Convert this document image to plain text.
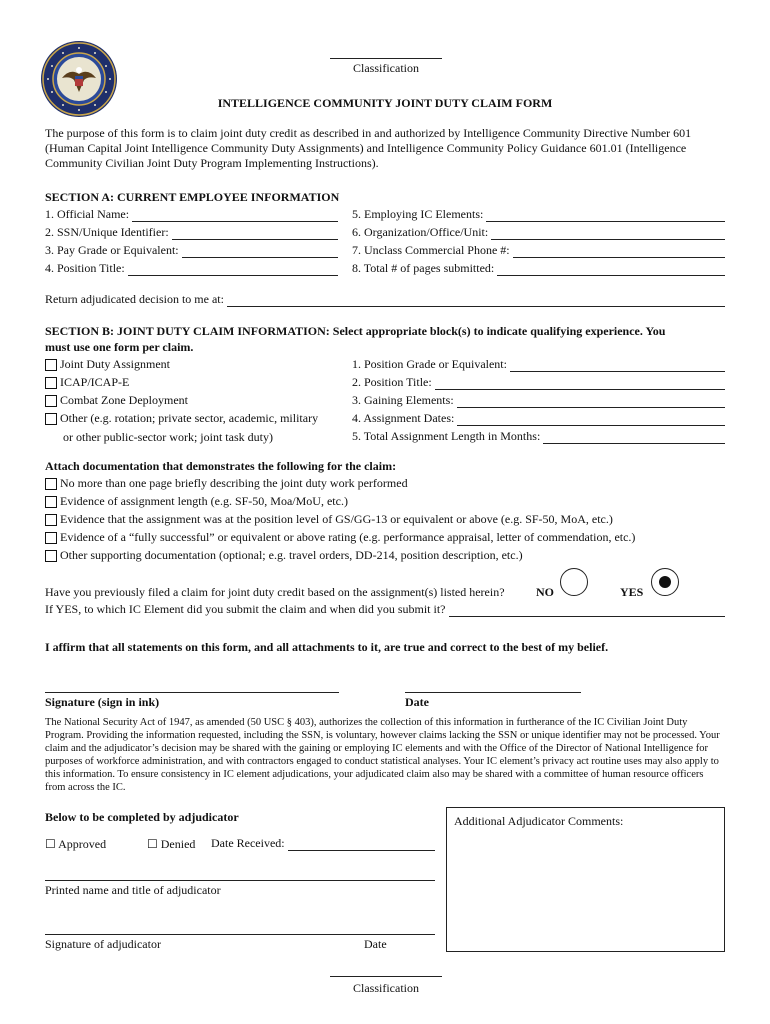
Classification
INTELLIGENCE COMMUNITY JOINT DUTY CLAIM FORM

The purpose of this form is to claim joint duty credit as described in and authorized by Intelligence Community Directive Number 601 (Human Capital Joint Intelligence Community Duty Assignments) and Intelligence Community Policy Guidance 601.01 (Intelligence Community Civilian Joint Duty Program Implementing Instructions).

SECTION A: CURRENT EMPLOYEE INFORMATION
1. Official Name:
2. SSN/Unique Identifier:
3. Pay Grade or Equivalent:
4. Position Title:
5. Employing IC Elements:
6. Organization/Office/Unit:
7. Unclass Commercial Phone #:
8. Total # of pages submitted:
Return adjudicated decision to me at:
SECTION B: JOINT DUTY CLAIM INFORMATION: Select appropriate block(s) to indicate qualifying experience. You
must use one form per claim.
Joint Duty Assignment
ICAP/ICAP-E
Combat Zone Deployment
Other (e.g. rotation; private sector, academic, military
or other public-sector work; joint task duty)
1. Position Grade or Equivalent:
2. Position Title:
3. Gaining Elements:
4. Assignment Dates:
5. Total Assignment Length in Months:
Attach documentation that demonstrates the following for the claim:
No more than one page briefly describing the joint duty work performed
Evidence of assignment length (e.g. SF-50, Moa/MoU, etc.)
Evidence that the assignment was at the position level of GS/GG-13 or equivalent or above (e.g. SF-50, MoA, etc.)
Evidence of a “fully successful” or equivalent or above rating (e.g. performance appraisal, letter of commendation, etc.)
Other supporting documentation (optional; e.g. travel orders, DD-214, position description, etc.)
Have you previously filed a claim for joint duty credit based on the assignment(s) listed herein?	NO	YES
If YES, to which IC Element did you submit the claim and when did you submit it?
I affirm that all statements on this form, and all attachments to it, are true and correct to the best of my belief.
Signature (sign in ink)	Date

The National Security Act of 1947, as amended (50 USC § 403), authorizes the collection of this information in furtherance of the IC Civilian Joint Duty Program. Providing the information requested, including the SSN, is voluntary, however claims lacking the SSN or unique identifier may not be processed. Your claim and the adjudicator’s decision may be shared with the gaining or employing IC elements and with the Office of the Director of National Intelligence for purposes of workforce administration, and with contractors engaged to conduct statistical analyses. Your IC element’s privacy act routine uses may also apply to this information. To ensure consistency in IC element adjudications, your adjudicated claim also may be shared with a committee of human resource officers from across the IC.

Below to be completed by adjudicator
☐ Approved	☐ Denied Date Received:
Printed name and title of adjudicator
Signature of adjudicator	Date
Additional Adjudicator Comments:
Classification
